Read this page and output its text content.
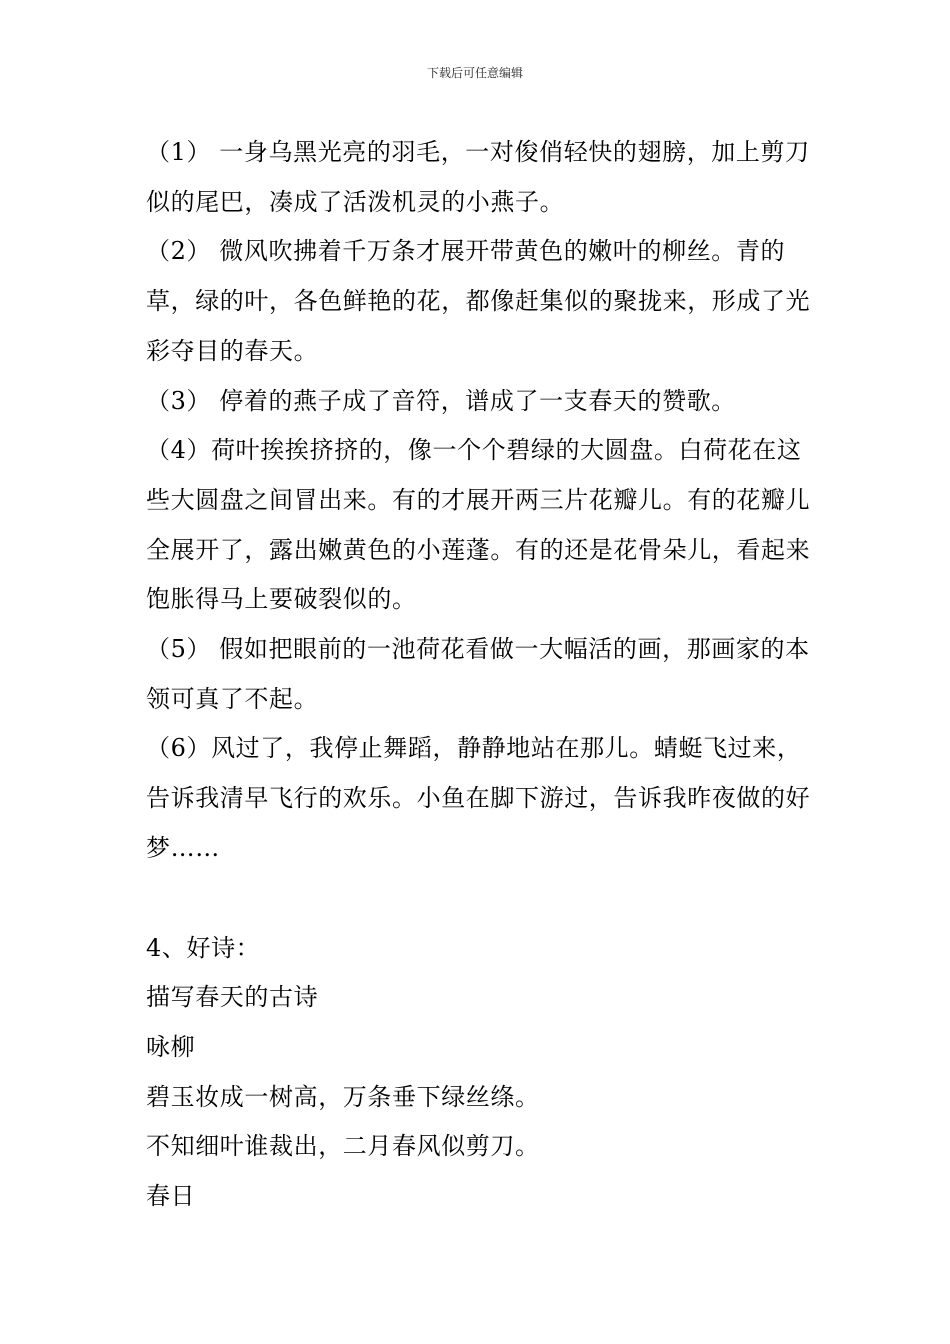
下载后可任意编辑

（1） 一身乌黑光亮的羽毛，一对俊俏轻快的翅膀，加上剪刀似的尾巴，凑成了活泼机灵的小燕子。

（2） 微风吹拂着千万条才展开带黄色的嫩叶的柳丝。青的草，绿的叶，各色鲜艳的花，都像赶集似的聚拢来，形成了光彩夺目的春天。

（3） 停着的燕子成了音符，谱成了一支春天的赞歌。

（4）荷叶挨挨挤挤的，像一个个碧绿的大圆盘。白荷花在这些大圆盘之间冒出来。有的才展开两三片花瓣儿。有的花瓣儿全展开了，露出嫩黄色的小莲蓬。有的还是花骨朵儿，看起来饱胀得马上要破裂似的。

（5） 假如把眼前的一池荷花看做一大幅活的画，那画家的本领可真了不起。

（6）风过了，我停止舞蹈，静静地站在那儿。蜻蜓飞过来，告诉我清早飞行的欢乐。小鱼在脚下游过，告诉我昨夜做的好梦……

4、好诗：

描写春天的古诗

咏柳

碧玉妆成一树高，万条垂下绿丝绦。

不知细叶谁裁出，二月春风似剪刀。

春日
